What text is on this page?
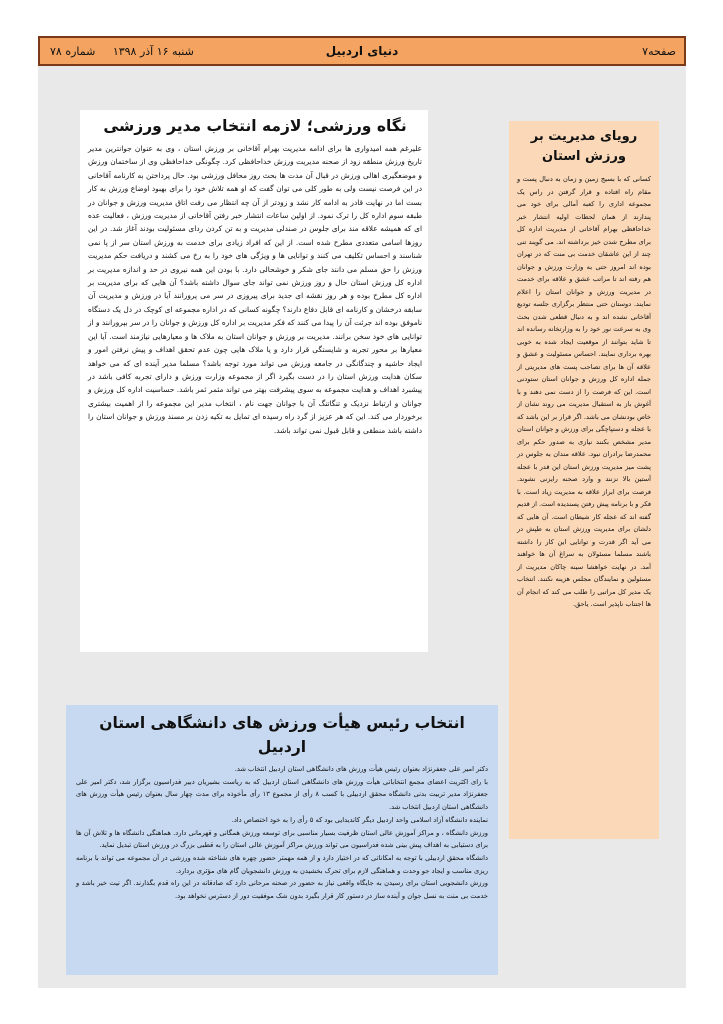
صفحه۷
دنیای اردبیل
شنبه ۱۶ آذر ۱۳۹۸ شماره ۷۸
نگاه ورزشی؛ لازمه انتخاب مدیر ورزشی

علیرغم همه امیدواری ها برای ادامه مدیریت بهرام آقاخانی بر ورزش استان ، وی به عنوان جوانترین مدیر تاریخ ورزش منطقه زود از صحنه مدیریت ورزش خداحافظی کرد. چگونگی خداحافظی وی از ساختمان ورزش و موضعگیری اهالی ورزش در قبال آن مدت ها بحث روز محافل ورزشی بود. حال پرداختن به کارنامه آقاخانی در این فرصت نیست ولی به طور کلی می توان گفت که او همه تلاش خود را برای بهبود اوضاع ورزش به کار بست اما در نهایت قادر به ادامه کار نشد و زودتر از آن چه انتظار می رفت اتاق مدیریت ورزش و جوانان در طبقه سوم اداره کل را ترک نمود. از اولین ساعات انتشار خبر رفتن آقاخانی از مدیریت ورزش ، فعالیت عده ای که همیشه علاقه مند برای جلوس در صندلی مدیریت و به تن کردن ردای مسئولیت بودند آغاز شد. در این روزها اسامی متعددی مطرح شده است. از این که افراد زیادی برای خدمت به ورزش استان سر از پا نمی شناسند و احساس تکلیف می کنند و توانایی ها و ویژگی های خود را به رخ می کشند و دریافت حکم مدیریت ورزش را حق مسلم می دانند جای شکر و خوشحالی دارد. با بودن این همه نیروی در حد و اندازه مدیریت بر اداره کل ورزش استان حال و روز ورزش نمی تواند جای سوال داشته باشد؟ آن هایی که برای مدیریت بر اداره کل مطرح بوده و هر روز نقشه ای جدید برای پیروزی در سر می پرورانند آیا در ورزش و مدیریت آن سابقه درخشان و کارنامه ای قابل دفاع دارند؟ چگونه کسانی که در اداره مجموعه ای کوچک در دل یک دستگاه ناموفق بوده اند جرئت آن را پیدا می کنند که فکر مدیریت بر اداره کل ورزش و جوانان را در سر بپرورانند و از توانایی های خود سخن برانند. مدیریت بر ورزش و جوانان استان به ملاک ها و معیارهایی نیازمند است. آیا این معیارها بر محور تجربه و شایستگی قرار دارد و یا ملاک هایی چون عدم تحقق اهداف و پیش نرفتن امور و ایجاد حاشیه و چندگانگی در جامعه ورزش می تواند مورد توجه باشد؟ مسلما مدیر آینده ای که می خواهد سکان هدایت ورزش استان را در دست بگیرد اگر از مجموعه وزارت ورزش و دارای تجربه کافی باشد در پیشبرد اهداف و هدایت مجموعه به سوی پیشرفت بهتر می تواند مثمر ثمر باشد. حساسیت اداره کل ورزش و جوانان و ارتباط نزدیک و تنگاتنگ آن با جوانان جهت نام ، انتخاب مدیر این مجموعه را از اهمیت بیشتری برخوردار می کند. این که هر عزیز از گرد راه رسیده ای تمایل به تکیه زدن بر مسند ورزش و جوانان استان را داشته باشد منطقی و قابل قبول نمی تواند باشد.

رویای مدیریت بر ورزش استان

کسانی که با بسیج زمین و زمان به دنبال پست و مقام راه افتاده و قرار گرفتن در راس یک مجموعه اداری را کعبه آمالی برای خود می پندارند از همان لحظات اولیه انتشار خبر خداحافظی بهرام آقاخانی از مدیریت اداره کل برای مطرح شدن خیز برداشته اند. می گویند تنی چند از این عاشقان خدمت بی منت که در تهران بوده اند امروز حتی به وزارت ورزش و جوانان هم رفته اند تا مراتب عشق و علاقه برای خدمت در مدیریت ورزش و جوانان استان را اعلام نمایند. دوستان حتی منتظر برگزاری جلسه تودیع آقاخانی نشده اند و به دنبال قطعی شدن بحث وی به سرعت نور خود را به وزارتخانه رسانده اند تا شاید بتوانند از موقعیت ایجاد شده به خوبی بهره برداری نمایند. احساس مسئولیت و عشق و علاقه آن ها برای تصاحب پست های مدیریتی از جمله اداره کل ورزش و جوانان استان ستودنی است. این که فرصت را از دست نمی دهند و با آغوش باز به استقبال مدیریت می روند نشان از خاص بودنشان می باشد. اگر قرار بر این باشد که با عجله و دستپاچگی برای ورزش و جوانان استان مدیر مشخص بکنند نیازی به صدور حکم برای محمدرضا برادران نبود. علاقه مندان به جلوس در پشت میز مدیریت ورزش استان این قدر با عجله آستین بالا نزنند و وارد صحنه رایزنی نشوند. فرصت برای ابراز علاقه به مدیریت زیاد است. با فکر و با برنامه پیش رفتن پسندیده است. از قدیم گفته اند که عجله کار شیطان است. آن هایی که دلشان برای مدیریت ورزش استان به طپش در می آید اگر قدرت و توانایی این کار را داشته باشند مسلما مسئولان به سراغ آن ها خواهند آمد. در نهایت خواهشا سینه چاکان مدیریت از مسئولین و نمایندگان مجلس هزینه نکنند. انتخاب یک مدیر کل مراتبی را طلب می کند که انجام آن ها اجتناب ناپذیر است. یاحق.

انتخاب رئیس هیأت ورزش های دانشگاهی استان اردبیل

دکتر امیر علی جعفرنژاد بعنوان رئیس هیأت ورزش های دانشگاهی استان اردبیل انتخاب شد.

با رای اکثریت اعضای مجمع انتخاباتی هیأت ورزش های دانشگاهی استان اردبیل که به ریاست بشیریان دبیر فدراسیون برگزار شد، دکتر امیر علی جعفرنژاد مدیر تربیت بدنی دانشگاه محقق اردبیلی با کسب ۸ رأی از مجموع ۱۳ رأی مأخوذه برای مدت چهار سال بعنوان رئیس هیأت ورزش های دانشگاهی استان اردبیل انتخاب شد.

نماینده دانشگاه آزاد اسلامی واحد اردبیل دیگر کاندیدایی بود که ۵ رأی را به خود اختصاص داد.

ورزش دانشگاه ، و مراکز آموزش عالی استان ظرفیت بسیار مناسبی برای توسعه ورزش همگانی و قهرمانی دارد. هماهنگی دانشگاه ها و تلاش آن ها برای دستیابی به اهداف پیش بینی شده فدراسیون می تواند ورزش مراکز آموزش عالی استان را به قطبی بزرگ در ورزش استان تبدیل نماید.

دانشگاه محقق اردبیلی با توجه به امکاناتی که در اختیار دارد و از همه مهمتر حضور چهره های شناخته شده ورزشی در آن مجموعه می تواند با برنامه ریزی مناسب و ایجاد جو وحدت و هماهنگی لازم برای تحرک بخشیدن به ورزش دانشجویان گام های مؤثری بردارد.

ورزش دانشجویی استان برای رسیدن به جایگاه واقعی نیاز به حضور در صحنه مرحانی دارد که صادقانه در این راه قدم بگذارند. اگر نیت خیر باشد و خدمت بی منت به نسل جوان و آینده ساز در دستور کار قرار بگیرد بدون شک موفقیت دور از دسترس نخواهد بود.
